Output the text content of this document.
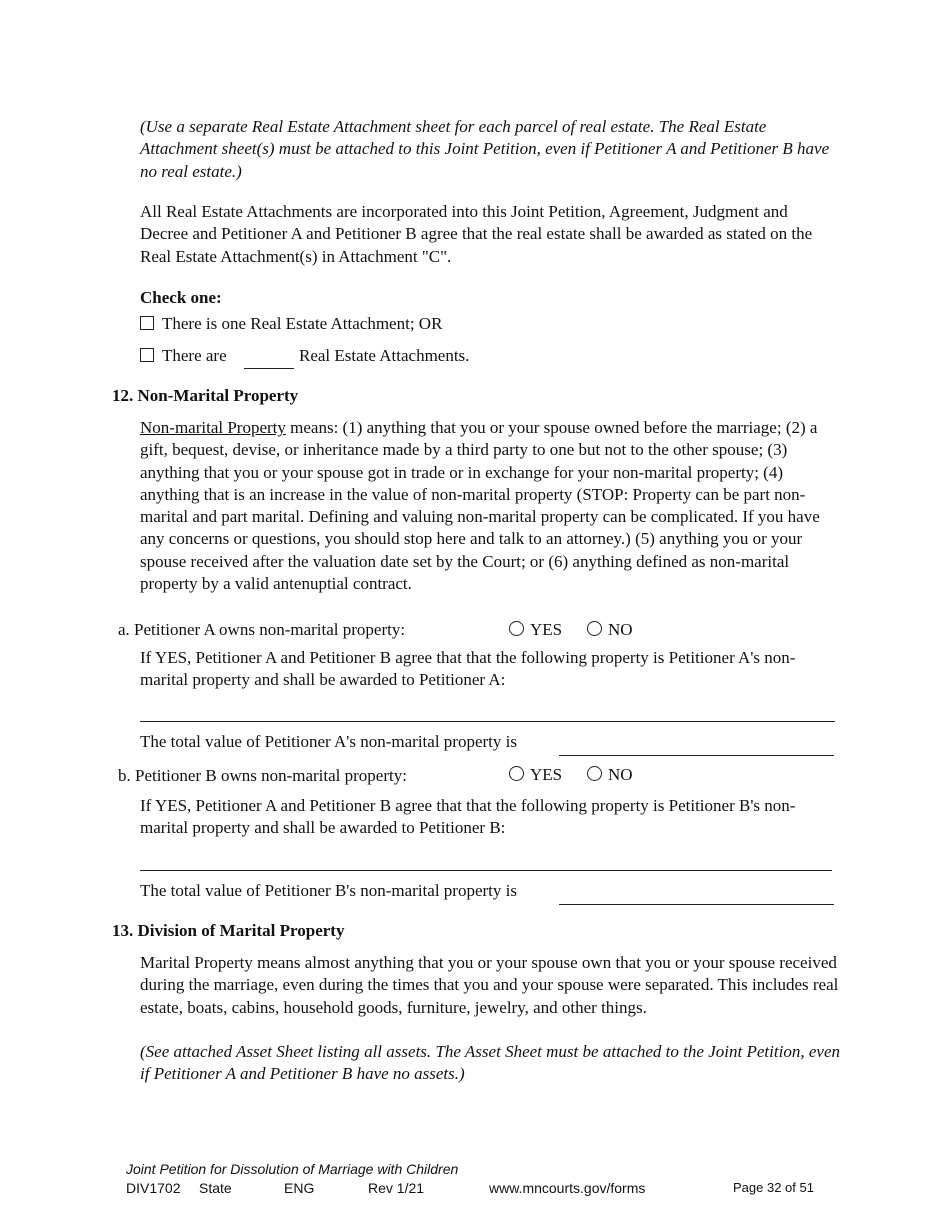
(Use a separate Real Estate Attachment sheet for each parcel of real estate. The Real Estate Attachment sheet(s) must be attached to this Joint Petition, even if Petitioner A and Petitioner B have no real estate.)
All Real Estate Attachments are incorporated into this Joint Petition, Agreement, Judgment and Decree and Petitioner A and Petitioner B agree that the real estate shall be awarded as stated on the Real Estate Attachment(s) in Attachment "C".
Check one:
There is one Real Estate Attachment; OR
There are	Real Estate Attachments.
12. Non-Marital Property
Non-marital Property means: (1) anything that you or your spouse owned before the marriage; (2) a gift, bequest, devise, or inheritance made by a third party to one but not to the other spouse; (3) anything that you or your spouse got in trade or in exchange for your non-marital property; (4) anything that is an increase in the value of non-marital property (STOP: Property can be part non-marital and part marital. Defining and valuing non-marital property can be complicated. If you have any concerns or questions, you should stop here and talk to an attorney.) (5) anything you or your spouse received after the valuation date set by the Court; or (6) anything defined as non-marital property by a valid antenuptial contract.
a. Petitioner A owns non-marital property:	YES	NO
If YES, Petitioner A and Petitioner B agree that that the following property is Petitioner A's non-marital property and shall be awarded to Petitioner A:
The total value of Petitioner A's non-marital property is
b. Petitioner B owns non-marital property:	YES	NO
If YES, Petitioner A and Petitioner B agree that that the following property is Petitioner B's non-marital property and shall be awarded to Petitioner B:
The total value of Petitioner B's non-marital property is
13. Division of Marital Property
Marital Property means almost anything that you or your spouse own that you or your spouse received during the marriage, even during the times that you and your spouse were separated. This includes real estate, boats, cabins, household goods, furniture, jewelry, and other things.
(See attached Asset Sheet listing all assets. The Asset Sheet must be attached to the Joint Petition, even if Petitioner A and Petitioner B have no assets.)
Joint Petition for Dissolution of Marriage with Children
DIV1702 State	ENG	Rev 1/21	www.mncourts.gov/forms	Page 32 of 51
